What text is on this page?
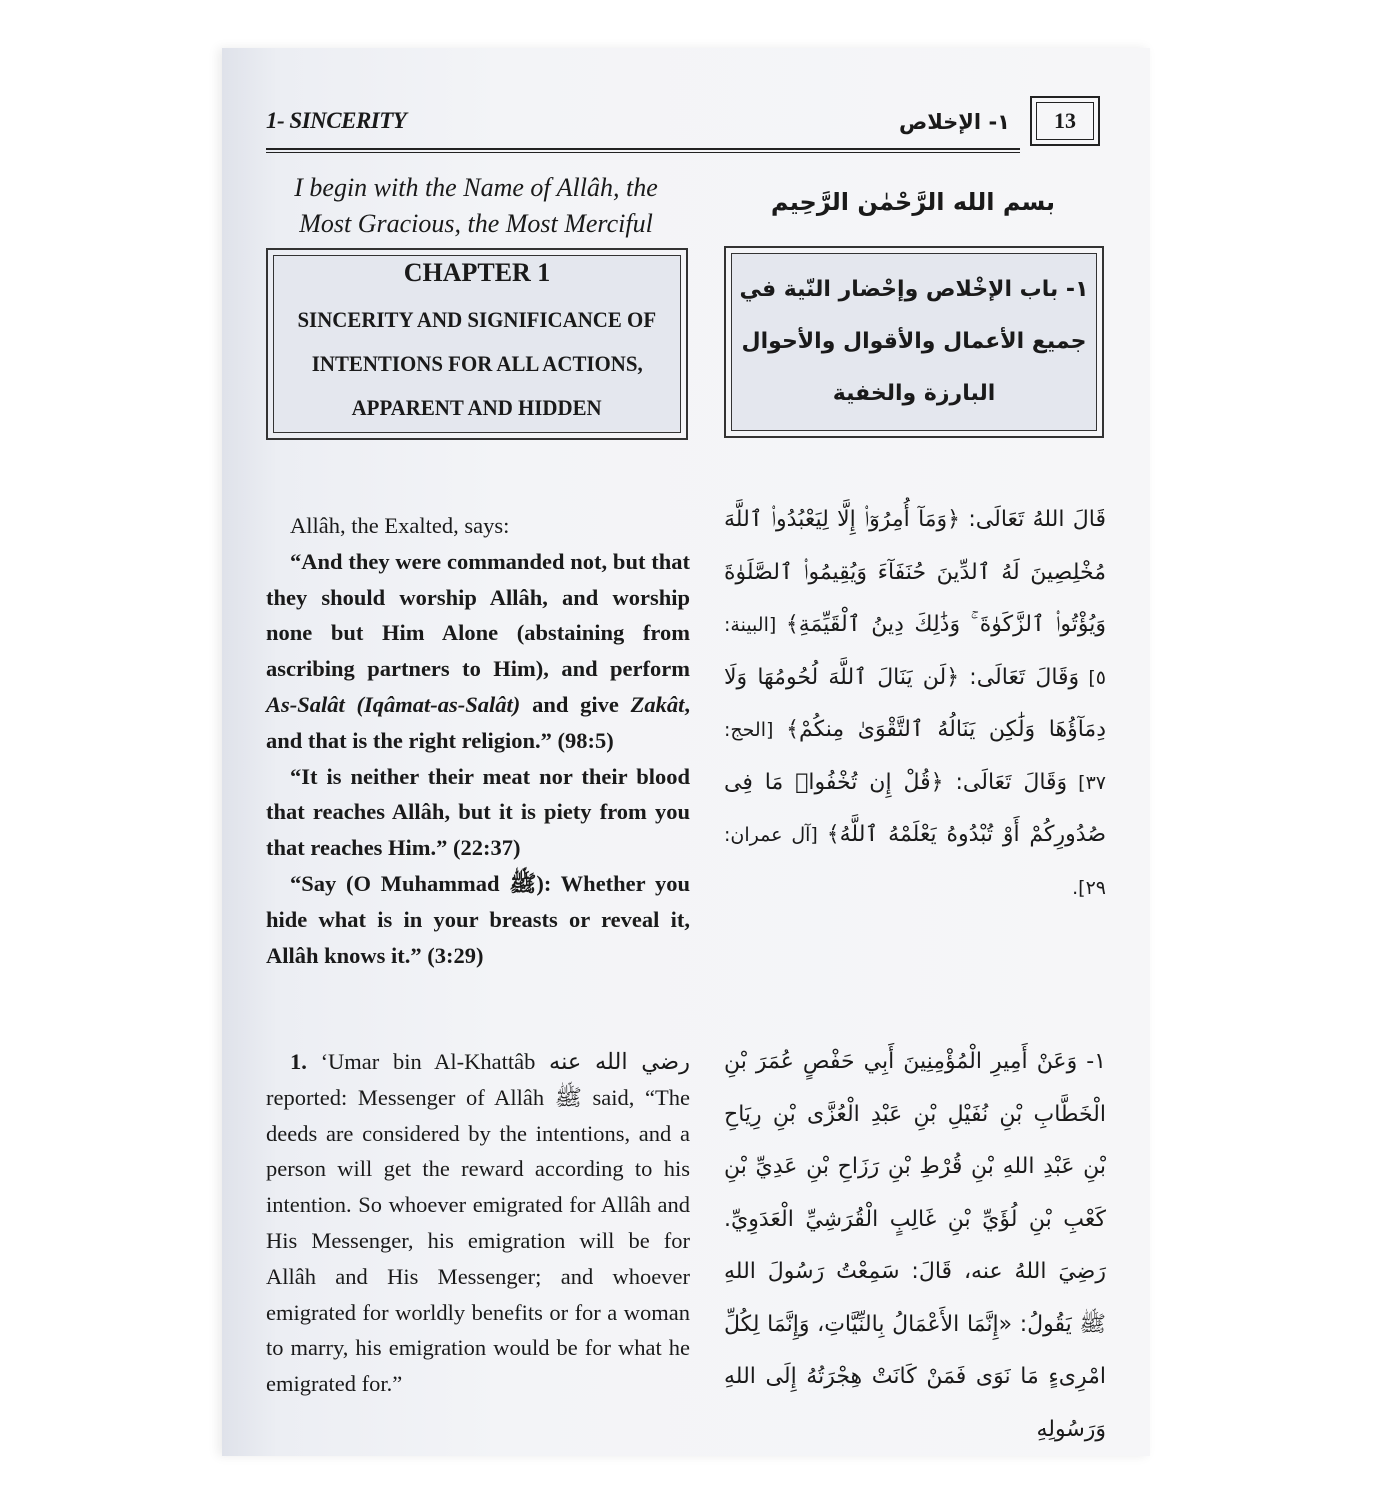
1- SINCERITY	١- الإخلاص	13
I begin with the Name of Allâh, the Most Gracious, the Most Merciful
بسم الله الرَّحْمٰن الرَّحِيم
CHAPTER 1
SINCERITY AND SIGNIFICANCE OF
INTENTIONS FOR ALL ACTIONS,
APPARENT AND HIDDEN
١- باب الإخْلاص وإحْضار النّية في
جميع الأعمال والأقوال والأحوال
البارزة والخفية

Allâh, the Exalted, says:

“And they were commanded not, but that they should worship Allâh, and worship none but Him Alone (abstaining from ascribing partners to Him), and perform As-Salât (Iqâmat-as-Salât) and give Zakât, and that is the right religion.” (98:5)

“It is neither their meat nor their blood that reaches Allâh, but it is piety from you that reaches Him.” (22:37)

“Say (O Muhammad ﷺ): Whether you hide what is in your breasts or reveal it, Allâh knows it.” (3:29)

قَالَ اللهُ تَعَالَى: ﴿وَمَآ أُمِرُوٓا۟ إِلَّا لِيَعْبُدُوا۟ ٱللَّهَ مُخْلِصِينَ لَهُ ٱلدِّينَ حُنَفَآءَ وَيُقِيمُوا۟ ٱلصَّلَوٰةَ وَيُؤْتُوا۟ ٱلزَّكَوٰةَ ۚ وَذَٰلِكَ دِينُ ٱلْقَيِّمَةِ﴾ [البينة: ٥] وَقَالَ تَعَالَى: ﴿لَن يَنَالَ ٱللَّهَ لُحُومُهَا وَلَا دِمَآؤُهَا وَلَٰكِن يَنَالُهُ ٱلتَّقْوَىٰ مِنكُمْ﴾ [الحج: ٣٧] وَقَالَ تَعَالَى: ﴿قُلْ إِن تُخْفُوا۟ مَا فِى صُدُورِكُمْ أَوْ تُبْدُوهُ يَعْلَمْهُ ٱللَّهُ﴾ [آل عمران: ٢٩].

1. ‘Umar bin Al-Khattâb رضي الله عنه reported: Messenger of Allâh ﷺ said, “The deeds are considered by the intentions, and a person will get the reward according to his intention. So whoever emigrated for Allâh and His Messenger, his emigration will be for Allâh and His Messenger; and whoever emigrated for worldly benefits or for a woman to marry, his emigration would be for what he emigrated for.”

١- وَعَنْ أَمِيرِ الْمُؤْمِنِينَ أَبِي حَفْصٍ عُمَرَ بْنِ الْخَطَّابِ بْنِ نُفَيْلِ بْنِ عَبْدِ الْعُزَّى بْنِ رِيَاحِ بْنِ عَبْدِ اللهِ بْنِ قُرْطِ بْنِ رَزَاحِ بْنِ عَدِيِّ بْنِ كَعْبِ بْنِ لُؤَيِّ بْنِ غَالِبٍ الْقُرَشِيِّ الْعَدَوِيِّ. رَضِيَ اللهُ عنه، قَالَ: سَمِعْتُ رَسُولَ اللهِ ﷺ يَقُولُ: «إِنَّمَا الأَعْمَالُ بِالنِّيَّاتِ، وَإِنَّمَا لِكُلِّ امْرِىءٍ مَا نَوَى فَمَنْ كَانَتْ هِجْرَتُهُ إِلَى اللهِ وَرَسُولِهِ
